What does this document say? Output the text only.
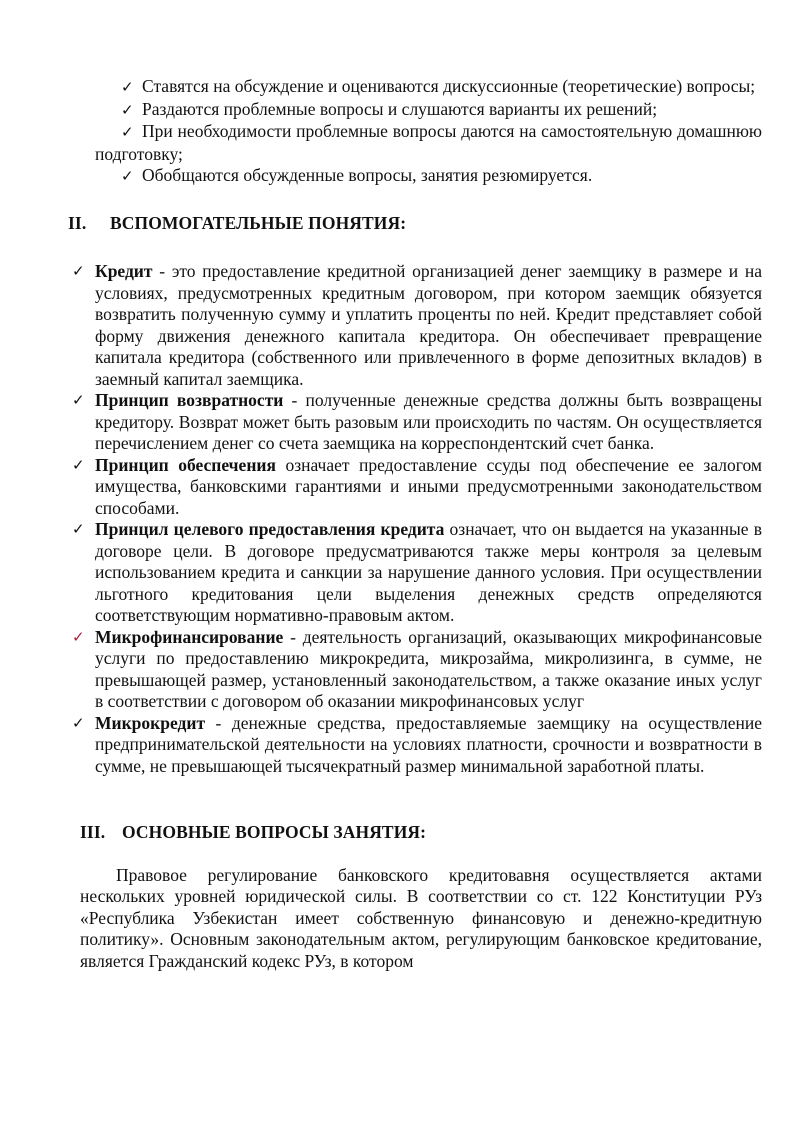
✓ Ставятся на обсуждение и оцениваются дискуссионные (теоретические) вопросы;

✓ Раздаются проблемные вопросы и слушаются варианты их решений;

✓ При необходимости проблемные вопросы даются на самостоятельную домашнюю подготовку;

✓ Обобщаются обсужденные вопросы, занятия резюмируется.

II. ВСПОМОГАТЕЛЬНЫЕ ПОНЯТИЯ:

✓ Кредит - это предоставление кредитной организацией денег заемщику в размере и на условиях, предусмотренных кредитным договором, при котором заемщик обязуется возвратить полученную сумму и уплатить проценты по ней. Кредит представляет собой форму движения денежного капитала кредитора. Он обеспечивает превращение капитала кредитора (собственного или привлеченного в форме депозитных вкладов) в заемный капитал заемщика.

✓ Принцип возвратности - полученные денежные средства должны быть возвращены кредитору. Возврат может быть разовым или происходить по частям. Он осуществляется перечислением денег со счета заемщика на корреспондентский счет банка.

✓ Принцип обеспечения означает предоставление ссуды под обеспечение ее залогом имущества, банковскими гарантиями и иными предусмотренными законодательством способами.

✓ Принцил целевого предоставления кредита означает, что он выдается на указанные в договоре цели. В договоре предусматриваются также меры контроля за целевым использованием кредита и санкции за нарушение данного условия. При осуществлении льготного кредитования цели выделения денежных средств определяются соответствующим нормативно-правовым актом.

✓ Микрофинансирование - деятельность организаций, оказывающих микрофинансовые услуги по предоставлению микрокредита, микрозайма, микролизинга, в сумме, не превышающей размер, установленный законодательством, а также оказание иных услуг в соответствии с договором об оказании микрофинансовых услуг

✓ Микрокредит - денежные средства, предоставляемые заемщику на осуществление предпринимательской деятельности на условиях платности, срочности и возвратности в сумме, не превышающей тысячекратный размер минимальной заработной платы.

III. ОСНОВНЫЕ ВОПРОСЫ ЗАНЯТИЯ:

Правовое регулирование банковского кредитовавня осуществляется актами нескольких уровней юридической силы. В соответствии со ст. 122 Конституции РУз «Республика Узбекистан имеет собственную финансовую и денежно-кредитную политику». Основным законодательным актом, регулирующим банковское кредитование, является Гражданский кодекс РУз, в котором
